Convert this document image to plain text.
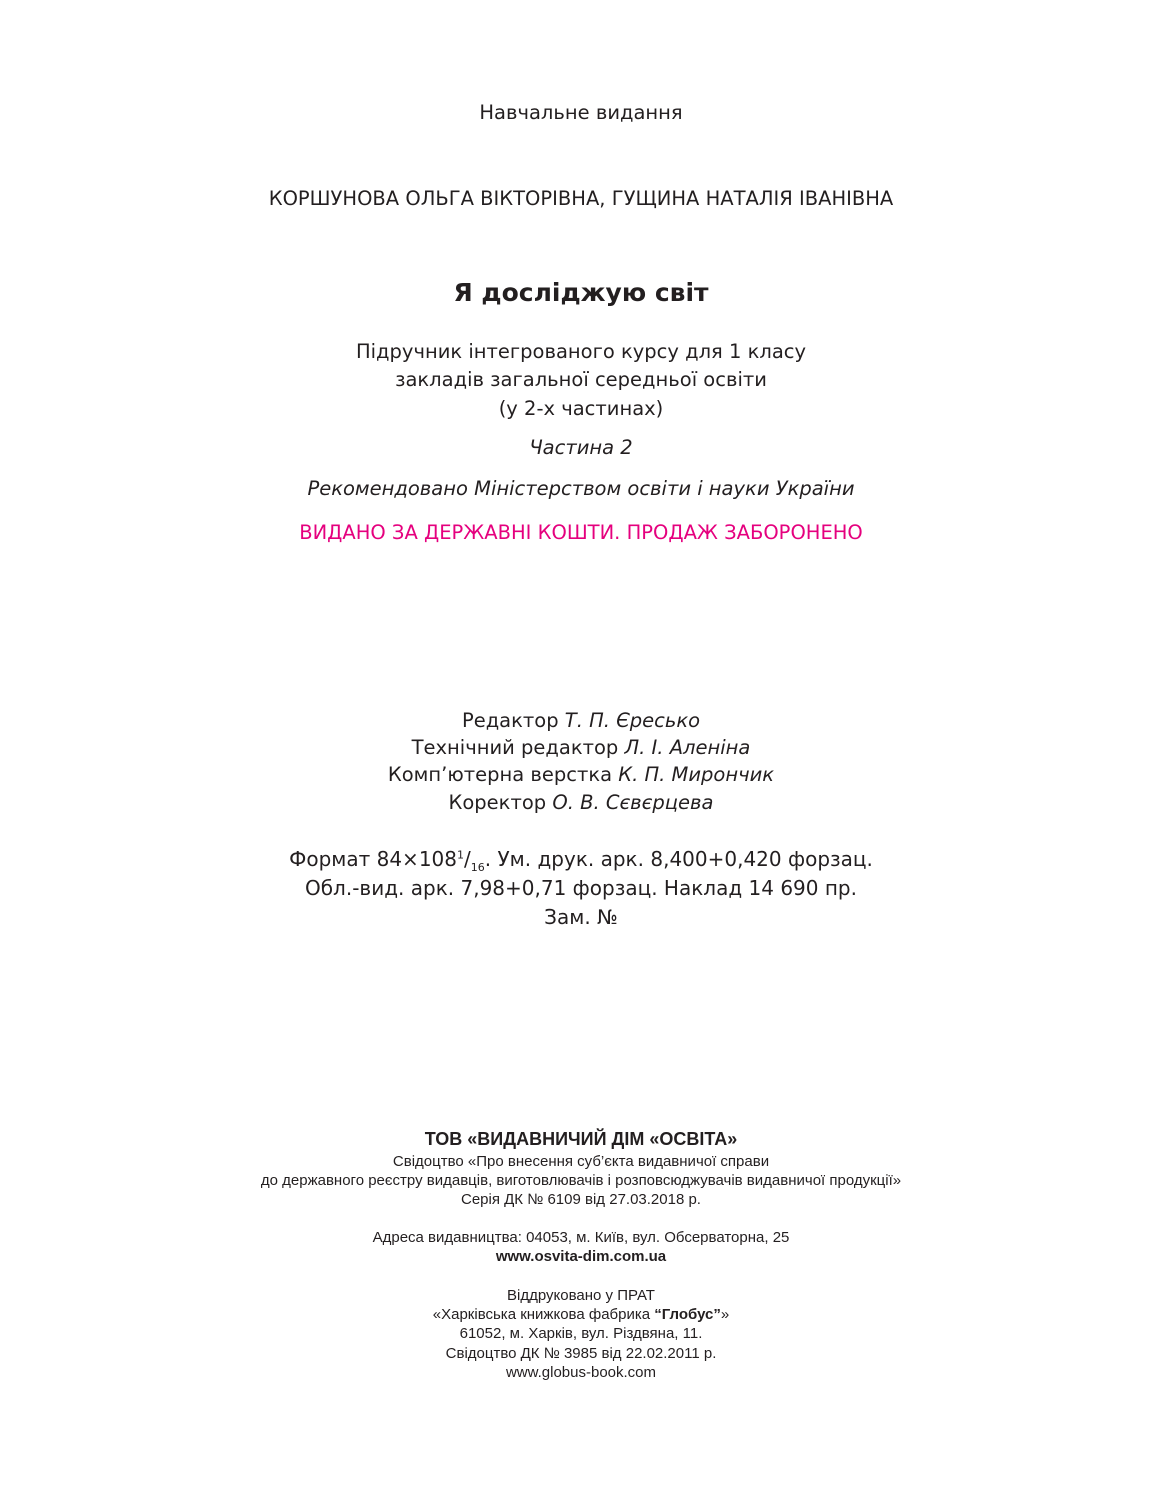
Навчальне видання
КОРШУНОВА ОЛЬГА ВІКТОРІВНА, ГУЩИНА НАТАЛІЯ ІВАНІВНА
Я досліджую світ
Підручник інтегрованого курсу для 1 класу
закладів загальної середньої освіти
(у 2-х частинах)
Частина 2
Рекомендовано Міністерством освіти і науки України
ВИДАНО ЗА ДЕРЖАВНІ КОШТИ. ПРОДАЖ ЗАБОРОНЕНО
Редактор Т. П. Єресько
Технічний редактор Л. І. Аленіна
Комп’ютерна верстка К. П. Мирончик
Коректор О. В. Сєвєрцева
Формат $84\times 108^1/_{16}$. Ум. друк. арк. 8,400+0,420 форзац.
Обл.-вид. арк. 7,98+0,71 форзац. Наклад 14 690 пр.
Зам. №
ТОВ «ВИДАВНИЧИЙ ДІМ «ОСВІТА»
Свідоцтво «Про внесення суб’єкта видавничої справи
до державного реєстру видавців, виготовлювачів і розповсюджувачів видавничої продукції»
Серія ДК № 6109 від 27.03.2018 р.
Адреса видавництва: 04053, м. Київ, вул. Обсерваторна, 25
www.osvita-dim.com.ua
Віддруковано у ПРАТ
«Харківська книжкова фабрика “Глобус”»
61052, м. Харків, вул. Різдвяна, 11.
Свідоцтво ДК № 3985 від 22.02.2011 р.
www.globus-book.com
